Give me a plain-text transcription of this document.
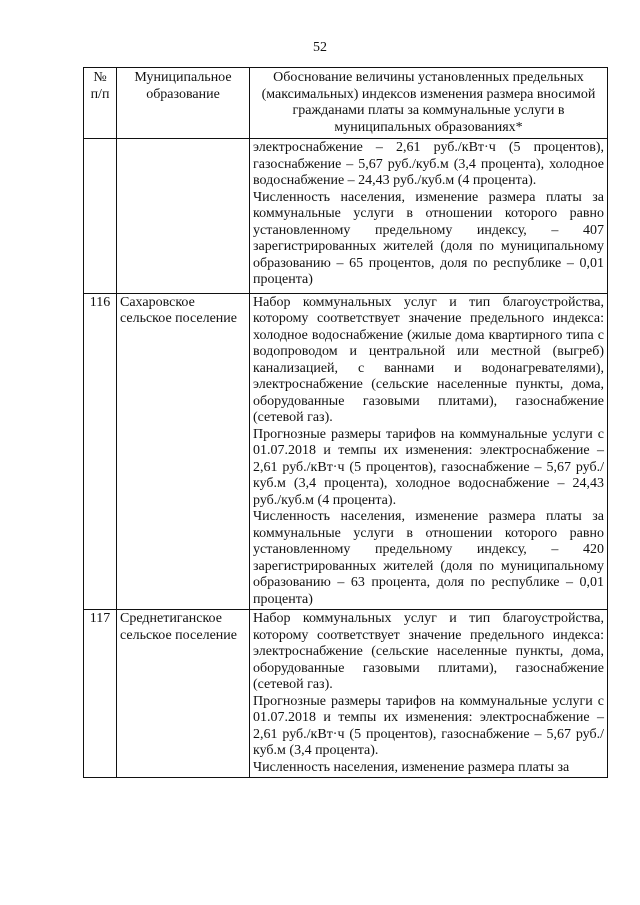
52
№ п/п	Муниципальное образование	Обоснование величины установленных предельных (максимальных) индексов изменения размера вносимой гражданами платы за коммунальные услуги в муниципальных образованиях*

		электроснабжение – 2,61 руб./кВт·ч (5 процентов), газоснабжение – 5,67 руб./куб.м (3,4 процента), холодное водоснабжение – 24,43 руб./куб.м (4 процента).

Численность населения, изменение размера платы за коммунальные услуги в отношении которого равно установленному предельному индексу, – 407 зарегистрированных жителей (доля по муниципальному образованию – 65 процентов, доля по республике – 0,01 процента)

116	Сахаровское сельское поселение	Набор коммунальных услуг и тип благоустройства, которому соответствует значение предельного индекса: холодное водоснабжение (жилые дома квартирного типа с водопроводом и центральной или местной (выгреб) канализацией, с ваннами и водонагревателями), электроснабжение (сельские населенные пункты, дома, оборудованные газовыми плитами), газоснабжение (сетевой газ).

Прогнозные размеры тарифов на коммунальные услуги с 01.07.2018 и темпы их изменения: электроснабжение – 2,61 руб./кВт·ч (5 процентов), газоснабжение – 5,67 руб./куб.м (3,4 процента), холодное водоснабжение – 24,43 руб./куб.м (4 процента).

Численность населения, изменение размера платы за коммунальные услуги в отношении которого равно установленному предельному индексу, – 420 зарегистрированных жителей (доля по муниципальному образованию – 63 процента, доля по республике – 0,01 процента)

117	Среднетиганское сельское поселение	Набор коммунальных услуг и тип благоустройства, которому соответствует значение предельного индекса: электроснабжение (сельские населенные пункты, дома, оборудованные газовыми плитами), газоснабжение (сетевой газ).

Прогнозные размеры тарифов на коммунальные услуги с 01.07.2018 и темпы их изменения: электроснабжение – 2,61 руб./кВт·ч (5 процентов), газоснабжение – 5,67 руб./куб.м (3,4 процента).

Численность населения, изменение размера платы за
